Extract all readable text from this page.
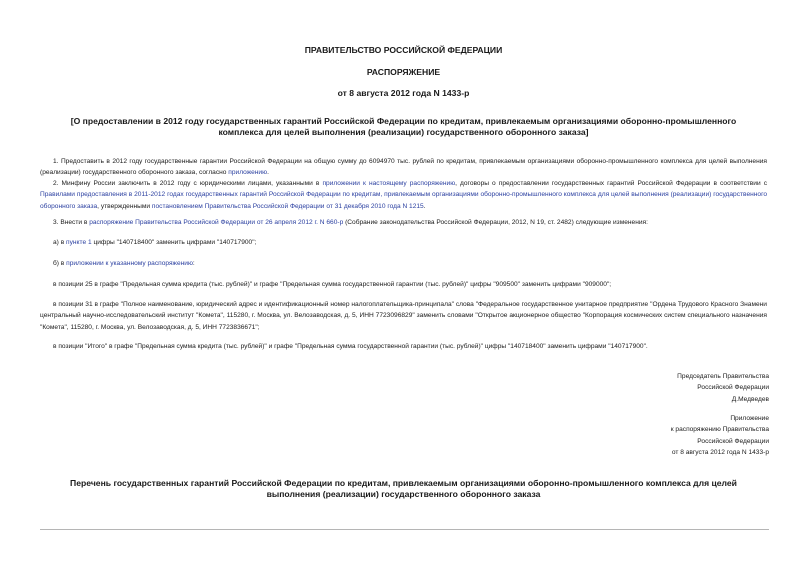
ПРАВИТЕЛЬСТВО РОССИЙСКОЙ ФЕДЕРАЦИИ
РАСПОРЯЖЕНИЕ
от 8 августа 2012 года N 1433-р
[О предоставлении в 2012 году государственных гарантий Российской Федерации по кредитам, привлекаемым организациями оборонно-промышленного комплекса для целей выполнения (реализации) государственного оборонного заказа]
1. Предоставить в 2012 году государственные гарантии Российской Федерации на общую сумму до 6094970 тыс. рублей по кредитам, привлекаемым организациями оборонно-промышленного комплекса для целей выполнения (реализации) государственного оборонного заказа, согласно приложению.
2. Минфину России заключить в 2012 году с юридическими лицами, указанными в приложении к настоящему распоряжению, договоры о предоставлении государственных гарантий Российской Федерации в соответствии с Правилами предоставления в 2011-2012 годах государственных гарантий Российской Федерации по кредитам, привлекаемым организациями оборонно-промышленного комплекса для целей выполнения (реализации) государственного оборонного заказа, утвержденными постановлением Правительства Российской Федерации от 31 декабря 2010 года N 1215.
3. Внести в распоряжение Правительства Российской Федерации от 26 апреля 2012 г. N 660-р (Собрание законодательства Российской Федерации, 2012, N 19, ст. 2482) следующие изменения:
а) в пункте 1 цифры "140718400" заменить цифрами "140717900";
б) в приложении к указанному распоряжению:
в позиции 25 в графе "Предельная сумма кредита (тыс. рублей)" и графе "Предельная сумма государственной гарантии (тыс. рублей)" цифры "909500" заменить цифрами "909000";
в позиции 31 в графе "Полное наименование, юридический адрес и идентификационный номер налогоплательщика-принципала" слова "Федеральное государственное унитарное предприятие "Ордена Трудового Красного Знамени центральный научно-исследовательский институт "Комета", 115280, г. Москва, ул. Велозаводская, д. 5, ИНН 7723096829" заменить словами "Открытое акционерное общество "Корпорация космических систем специального назначения "Комета", 115280, г. Москва, ул. Велозаводская, д. 5, ИНН 7723836671";
в позиции "Итого" в графе "Предельная сумма кредита (тыс. рублей)" и графе "Предельная сумма государственной гарантии (тыс. рублей)" цифры "140718400" заменить цифрами "140717900".
Председатель Правительства
Российской Федерации
Д.Медведев
Приложение
к распоряжению Правительства
Российской Федерации
от 8 августа 2012 года N 1433-р
Перечень государственных гарантий Российской Федерации по кредитам, привлекаемым организациями оборонно-промышленного комплекса для целей выполнения (реализации) государственного оборонного заказа
